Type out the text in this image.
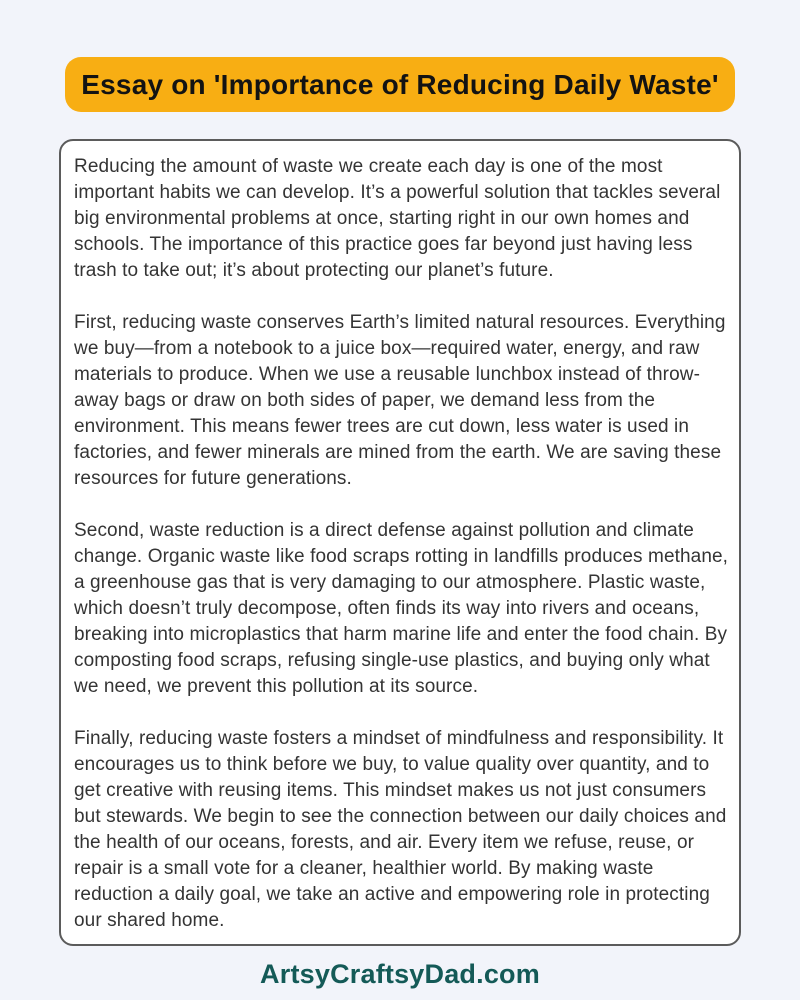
Essay on 'Importance of Reducing Daily Waste'

Reducing the amount of waste we create each day is one of the most important habits we can develop. It’s a powerful solution that tackles several big environmental problems at once, starting right in our own homes and schools. The importance of this practice goes far beyond just having less trash to take out; it’s about protecting our planet’s future.

First, reducing waste conserves Earth’s limited natural resources. Everything we buy—from a notebook to a juice box—required water, energy, and raw materials to produce. When we use a reusable lunchbox instead of throw-away bags or draw on both sides of paper, we demand less from the environment. This means fewer trees are cut down, less water is used in factories, and fewer minerals are mined from the earth. We are saving these resources for future generations.

Second, waste reduction is a direct defense against pollution and climate change. Organic waste like food scraps rotting in landfills produces methane, a greenhouse gas that is very damaging to our atmosphere. Plastic waste, which doesn’t truly decompose, often finds its way into rivers and oceans, breaking into microplastics that harm marine life and enter the food chain. By composting food scraps, refusing single-use plastics, and buying only what we need, we prevent this pollution at its source.

Finally, reducing waste fosters a mindset of mindfulness and responsibility. It encourages us to think before we buy, to value quality over quantity, and to get creative with reusing items. This mindset makes us not just consumers but stewards. We begin to see the connection between our daily choices and the health of our oceans, forests, and air. Every item we refuse, reuse, or repair is a small vote for a cleaner, healthier world. By making waste reduction a daily goal, we take an active and empowering role in protecting our shared home.

ArtsyCraftsyDad.com
